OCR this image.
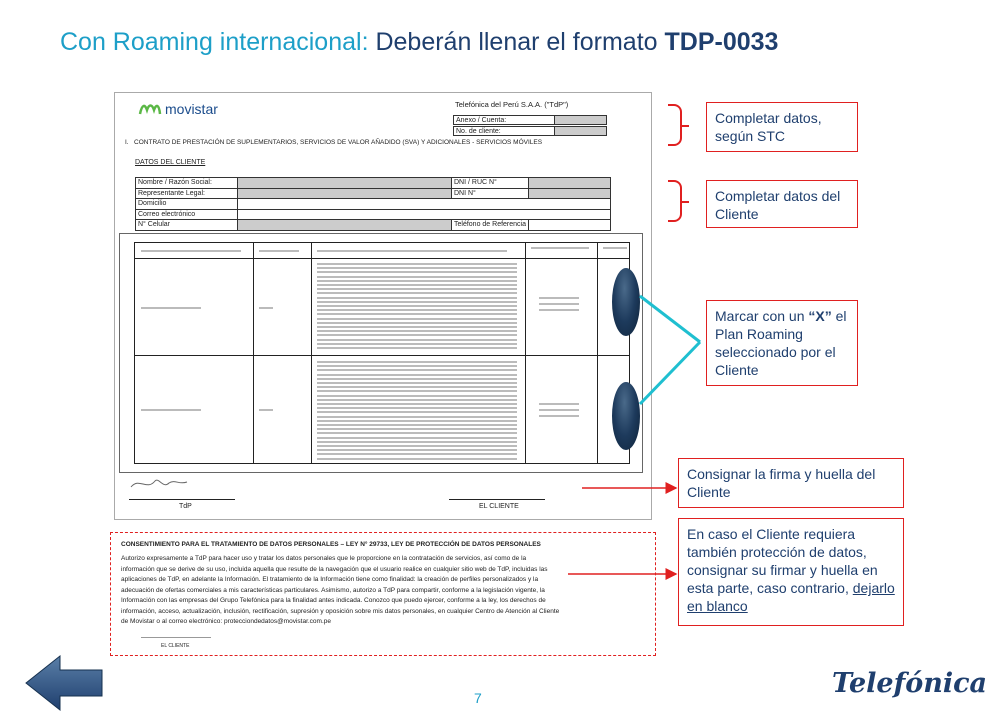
Con Roaming internacional: Deberán llenar el formato TDP-0033
movistar	Telefónica del Perú S.A.A. ("TdP")
Anexo / Cuenta:
No. de cliente:
I. CONTRATO DE PRESTACIÓN DE SUPLEMENTARIOS, SERVICIOS DE VALOR AÑADIDO (SVA) Y ADICIONALES - SERVICIOS MÓVILES
DATOS DEL CLIENTE
Nombre / Razón Social:		DNI / RUC N°	
Representante Legal:		DNI N°	
Domicilio			
Correo electrónico			
N° Celular		Teléfono de Referencia	
TdP	EL CLIENTE
CONSENTIMIENTO PARA EL TRATAMIENTO DE DATOS PERSONALES – LEY N° 29733, LEY DE PROTECCIÓN DE DATOS PERSONALES
Autorizo expresamente a TdP para hacer uso y tratar los datos personales que le proporcione en la contratación de servicios, así como de la información que se derive de su uso, incluida aquella que resulte de la navegación que el usuario realice en cualquier sitio web de TdP, incluidas las aplicaciones de TdP, en adelante la Información. El tratamiento de la Información tiene como finalidad: la creación de perfiles personalizados y la adecuación de ofertas comerciales a mis características particulares. Asimismo, autorizo a TdP para compartir, conforme a la legislación vigente, la Información con las empresas del Grupo Telefónica para la finalidad antes indicada. Conozco que puedo ejercer, conforme a la ley, los derechos de información, acceso, actualización, inclusión, rectificación, supresión y oposición sobre mis datos personales, en cualquier Centro de Atención al Cliente de Movistar o al correo electrónico: protecciondedatos@movistar.com.pe
EL CLIENTE
Completar datos, según STC
Completar datos del Cliente
Marcar con un “X” el Plan Roaming seleccionado por el Cliente
Consignar la firma y huella del Cliente
En caso el Cliente requiera también protección de datos, consignar su firmar y huella en esta parte, caso contrario, dejarlo en blanco
7	Telefónica
